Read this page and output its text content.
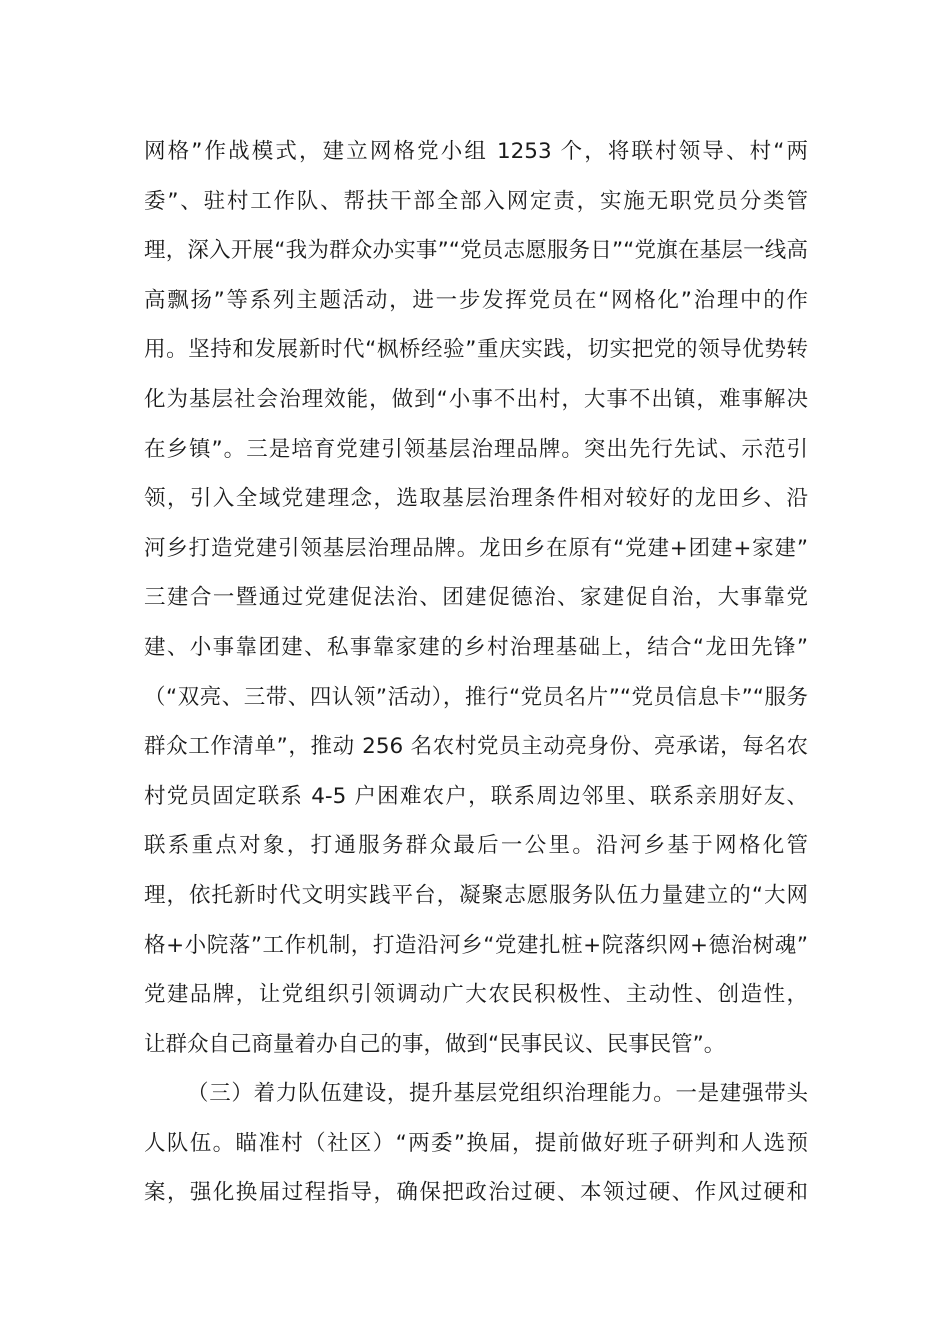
网格”作战模式，建立网格党小组 1253 个，将联村领导、村“两
委”、驻村工作队、帮扶干部全部入网定责，实施无职党员分类管
理，深入开展“我为群众办实事”“党员志愿服务日”“党旗在基层一线高
高飘扬”等系列主题活动，进一步发挥党员在“网格化”治理中的作
用。坚持和发展新时代“枫桥经验”重庆实践，切实把党的领导优势转
化为基层社会治理效能，做到“小事不出村，大事不出镇，难事解决
在乡镇”。三是培育党建引领基层治理品牌。突出先行先试、示范引
领，引入全域党建理念，选取基层治理条件相对较好的龙田乡、沿
河乡打造党建引领基层治理品牌。龙田乡在原有“党建+团建+家建”
三建合一暨通过党建促法治、团建促德治、家建促自治，大事靠党
建、小事靠团建、私事靠家建的乡村治理基础上，结合“龙田先锋”
（“双亮、三带、四认领”活动），推行“党员名片”“党员信息卡”“服务
群众工作清单”，推动 256 名农村党员主动亮身份、亮承诺，每名农
村党员固定联系 4-5 户困难农户，联系周边邻里、联系亲朋好友、
联系重点对象，打通服务群众最后一公里。沿河乡基于网格化管
理，依托新时代文明实践平台，凝聚志愿服务队伍力量建立的“大网
格+小院落”工作机制，打造沿河乡“党建扎桩+院落织网+德治树魂”
党建品牌，让党组织引领调动广大农民积极性、主动性、创造性，
让群众自己商量着办自己的事，做到“民事民议、民事民管”。
（三）着力队伍建设，提升基层党组织治理能力。一是建强带头
人队伍。瞄准村（社区）“两委”换届，提前做好班子研判和人选预
案，强化换届过程指导，确保把政治过硬、本领过硬、作风过硬和
